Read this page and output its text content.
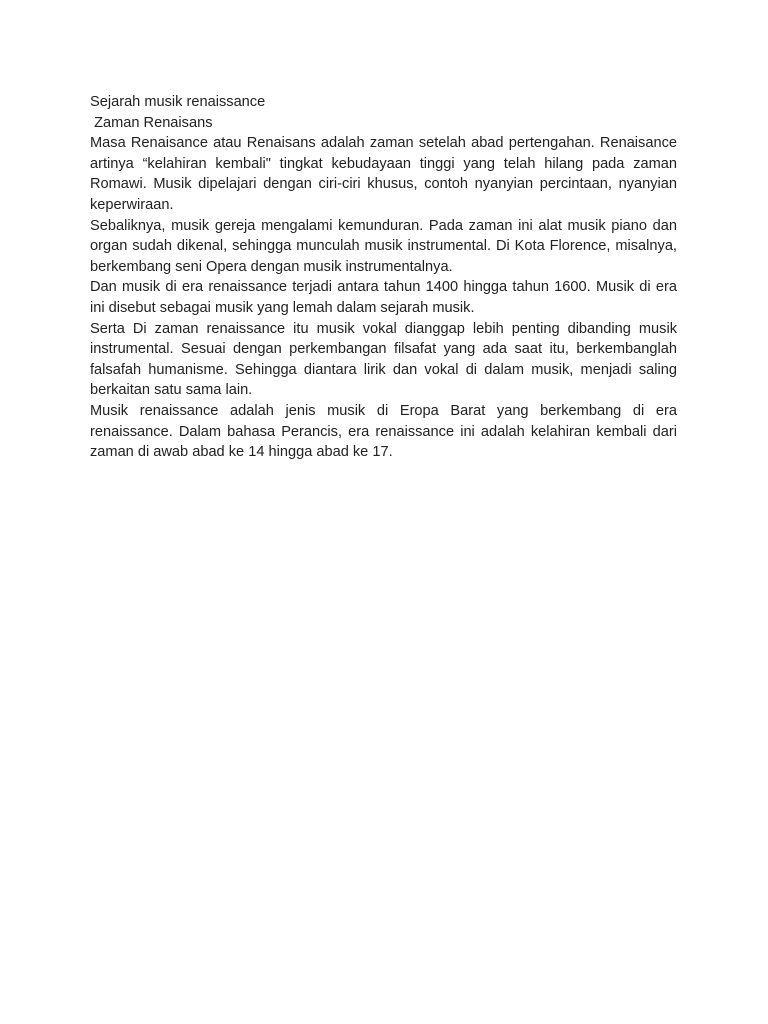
Sejarah musik renaissance

Zaman Renaisans

Masa Renaisance atau Renaisans adalah zaman setelah abad pertengahan. Renaisance artinya “kelahiran kembali" tingkat kebudayaan tinggi yang telah hilang pada zaman Romawi. Musik dipelajari dengan ciri-ciri khusus, contoh nyanyian percintaan, nyanyian keperwiraan.

Sebaliknya, musik gereja mengalami kemunduran. Pada zaman ini alat musik piano dan organ sudah dikenal, sehingga munculah musik instrumental. Di Kota Florence, misalnya, berkembang seni Opera dengan musik instrumentalnya.

Dan musik di era renaissance terjadi antara tahun 1400 hingga tahun 1600. Musik di era ini disebut sebagai musik yang lemah dalam sejarah musik.

Serta Di zaman renaissance itu musik vokal dianggap lebih penting dibanding musik instrumental. Sesuai dengan perkembangan filsafat yang ada saat itu, berkembanglah falsafah humanisme. Sehingga diantara lirik dan vokal di dalam musik, menjadi saling berkaitan satu sama lain.

Musik renaissance adalah jenis musik di Eropa Barat yang berkembang di era renaissance. Dalam bahasa Perancis, era renaissance ini adalah kelahiran kembali dari zaman di awab abad ke 14 hingga abad ke 17.
